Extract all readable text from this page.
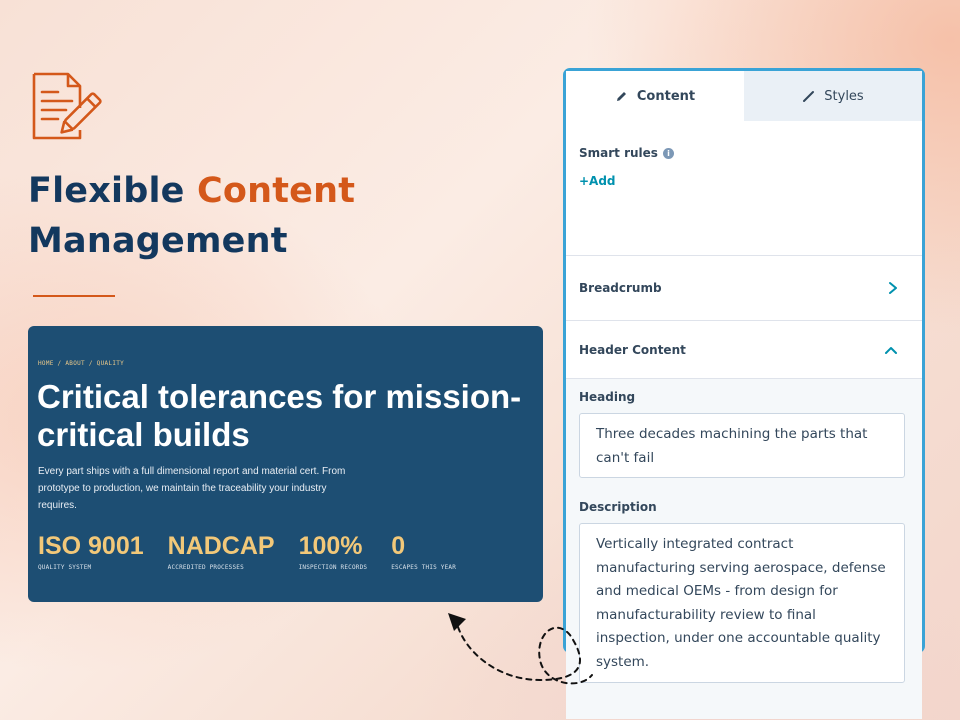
Flexible Content
Management
HOME / ABOUT / QUALITY
Critical tolerances for mission-critical builds
Every part ships with a full dimensional report and material cert. From prototype to production, we maintain the traceability your industry requires.
ISO 9001
QUALITY SYSTEM
NADCAP
ACCREDITED PROCESSES
100%
INSPECTION RECORDS
0
ESCAPES THIS YEAR
Content	Styles
Smart rules	i
+Add
Breadcrumb
Header Content
Heading
Three decades machining the parts that can't fail
Description
Vertically integrated contract manufacturing serving aerospace, defense and medical OEMs - from design for manufacturability review to final inspection, under one accountable quality system.
